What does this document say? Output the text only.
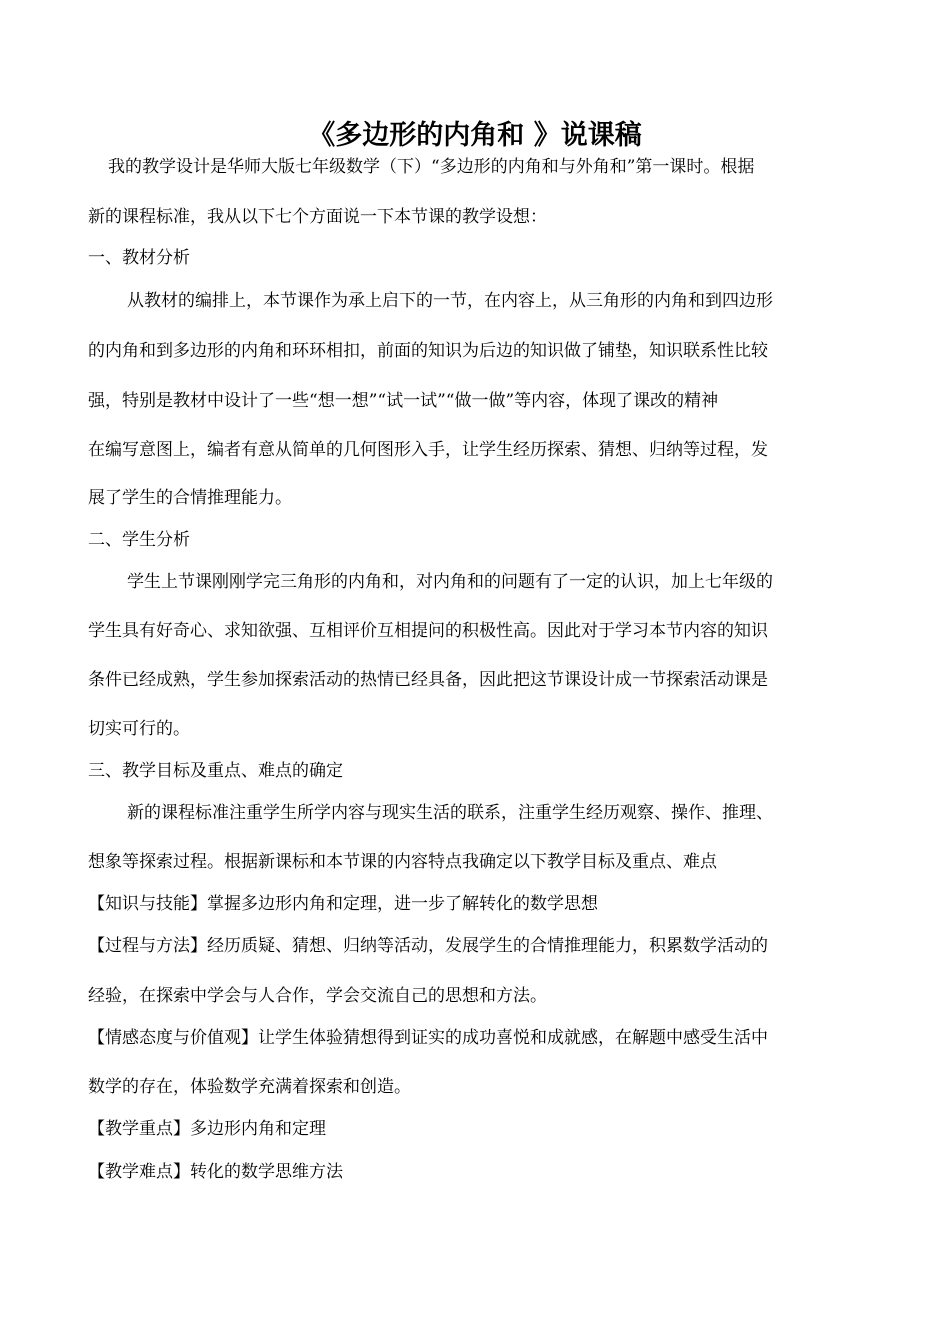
《多边形的内角和 》说课稿
我的教学设计是华师大版七年级数学（下）“多边形的内角和与外角和”第一课时。根据
新的课程标准，我从以下七个方面说一下本节课的教学设想：
一、教材分析
从教材的编排上，本节课作为承上启下的一节，在内容上，从三角形的内角和到四边形
的内角和到多边形的内角和环环相扣，前面的知识为后边的知识做了铺垫，知识联系性比较
强，特别是教材中设计了一些“想一想”“试一试”“做一做”等内容，体现了课改的精神
在编写意图上，编者有意从简单的几何图形入手，让学生经历探索、猜想、归纳等过程，发
展了学生的合情推理能力。
二、学生分析
学生上节课刚刚学完三角形的内角和，对内角和的问题有了一定的认识，加上七年级的
学生具有好奇心、求知欲强、互相评价互相提问的积极性高。因此对于学习本节内容的知识
条件已经成熟，学生参加探索活动的热情已经具备，因此把这节课设计成一节探索活动课是
切实可行的。
三、教学目标及重点、难点的确定
新的课程标准注重学生所学内容与现实生活的联系，注重学生经历观察、操作、推理、
想象等探索过程。根据新课标和本节课的内容特点我确定以下教学目标及重点、难点
【知识与技能】掌握多边形内角和定理，进一步了解转化的数学思想
【过程与方法】经历质疑、猜想、归纳等活动，发展学生的合情推理能力，积累数学活动的
经验，在探索中学会与人合作，学会交流自己的思想和方法。
【情感态度与价值观】让学生体验猜想得到证实的成功喜悦和成就感，在解题中感受生活中
数学的存在，体验数学充满着探索和创造。
【教学重点】多边形内角和定理
【教学难点】转化的数学思维方法
